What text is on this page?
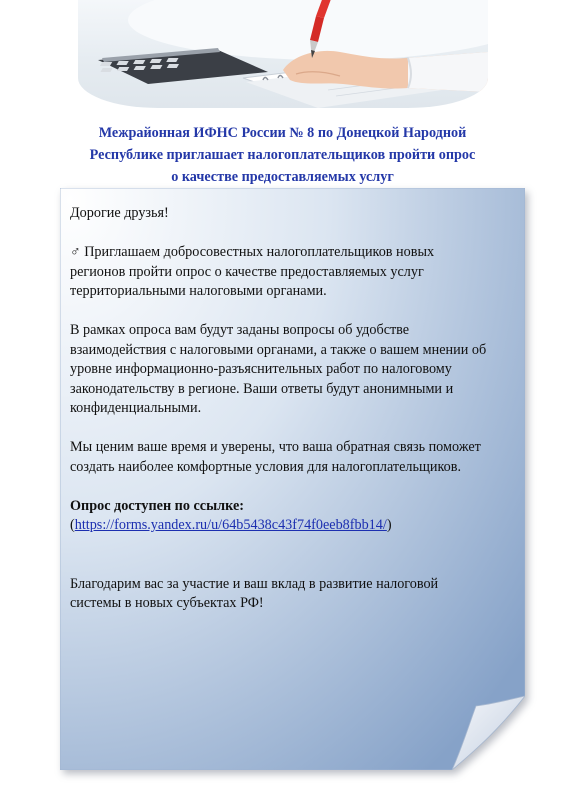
Межрайонная ИФНС России № 8 по Донецкой Народной
Республике приглашает налогоплательщиков пройти опрос
о качестве предоставляемых услуг

Дорогие друзья!

♂ Приглашаем добросовестных налогоплательщиков новых

регионов пройти опрос о качестве предоставляемых услуг

территориальными налоговыми органами.

В рамках опроса вам будут заданы вопросы об удобстве

взаимодействия с налоговыми органами, а также о вашем мнении об

уровне информационно-разъяснительных работ по налоговому

законодательству в регионе. Ваши ответы будут анонимными и

конфиденциальными.

Мы ценим ваше время и уверены, что ваша обратная связь поможет

создать наиболее комфортные условия для налогоплательщиков.

Опрос доступен по ссылке:

(https://forms.yandex.ru/u/64b5438c43f74f0eeb8fbb14/)

Благодарим вас за участие и ваш вклад в развитие налоговой

системы в новых субъектах РФ!
